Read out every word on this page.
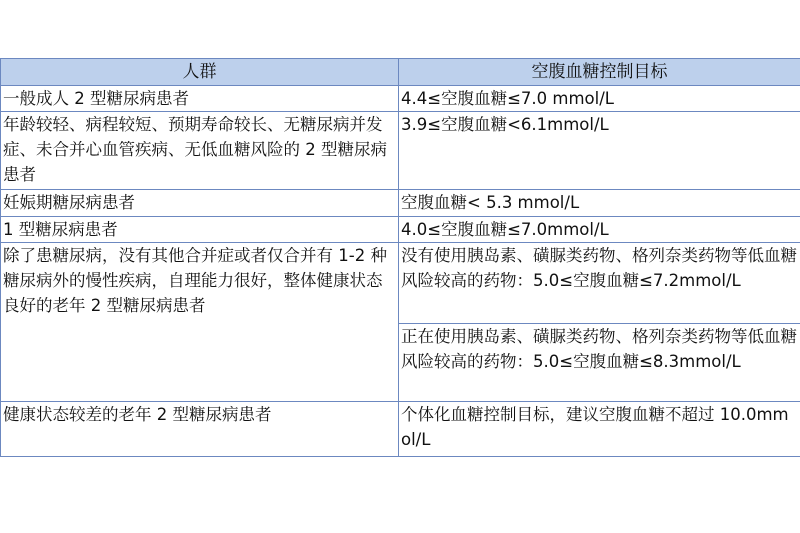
人群	空腹血糖控制目标
一般成人 2 型糖尿病患者	4.4≤空腹血糖≤7.0 mmol/L
年龄较轻、病程较短、预期寿命较长、无糖尿病并发症、未合并心血管疾病、无低血糖风险的 2 型糖尿病患者	3.9≤空腹血糖<6.1mmol/L
妊娠期糖尿病患者	空腹血糖< 5.3 mmol/L
1 型糖尿病患者	4.0≤空腹血糖≤7.0mmol/L
除了患糖尿病，没有其他合并症或者仅合并有 1-2 种糖尿病外的慢性疾病，自理能力很好，整体健康状态良好的老年 2 型糖尿病患者	没有使用胰岛素、磺脲类药物、格列奈类药物等低血糖风险较高的药物：5.0≤空腹血糖≤7.2mmol/L
	正在使用胰岛素、磺脲类药物、格列奈类药物等低血糖风险较高的药物：5.0≤空腹血糖≤8.3mmol/L
健康状态较差的老年 2 型糖尿病患者	个体化血糖控制目标，建议空腹血糖不超过 10.0mmol/L
